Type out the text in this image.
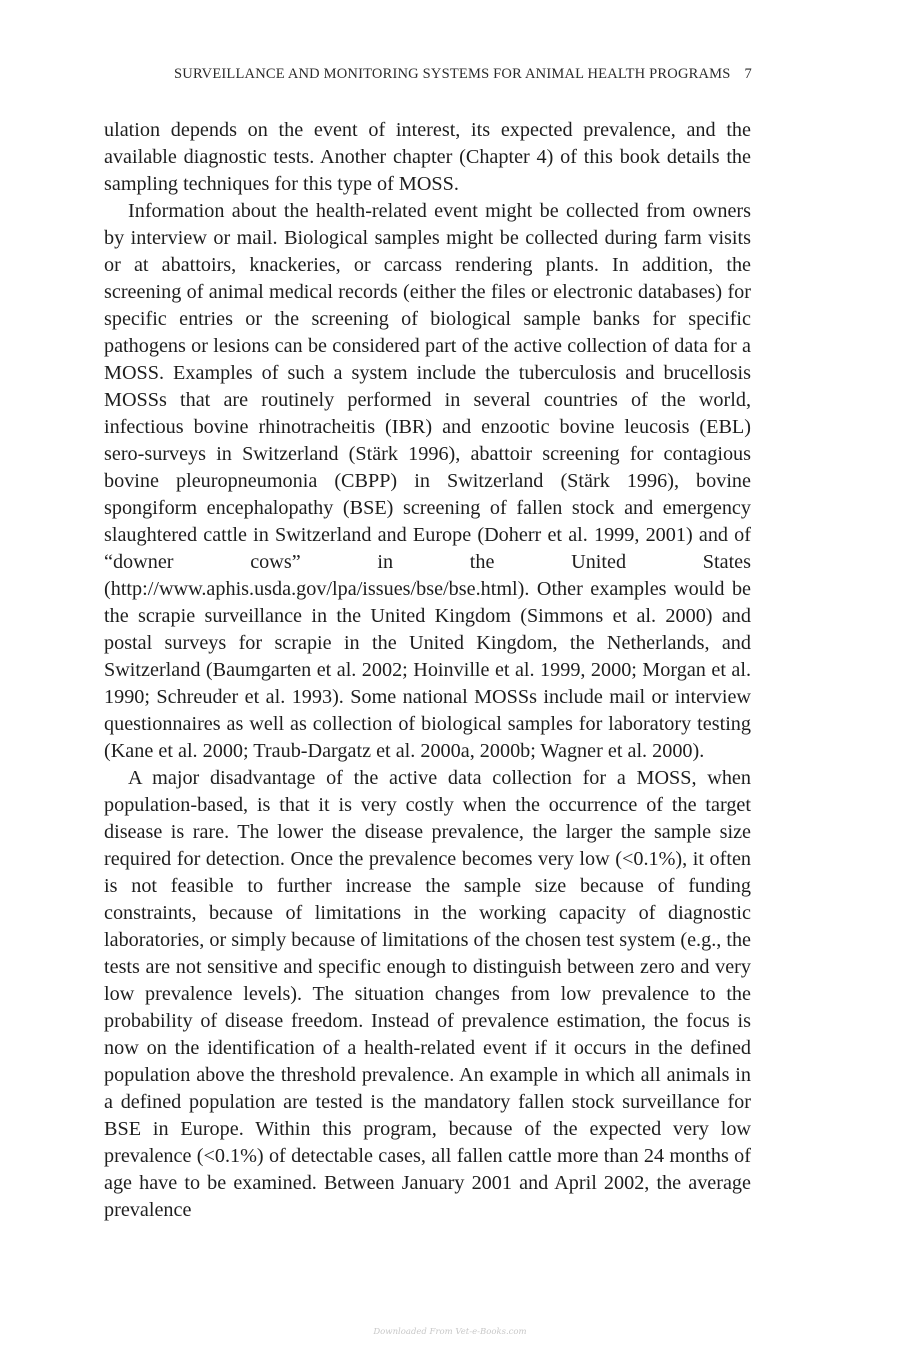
SURVEILLANCE AND MONITORING SYSTEMS FOR ANIMAL HEALTH PROGRAMS 7

ulation depends on the event of interest, its expected prevalence, and the available diagnostic tests. Another chapter (Chapter 4) of this book details the sampling techniques for this type of MOSS.

Information about the health-related event might be collected from owners by interview or mail. Biological samples might be collected during farm visits or at abattoirs, knackeries, or carcass rendering plants. In addition, the screening of animal medical records (either the files or electronic databases) for specific entries or the screening of biological sample banks for specific pathogens or lesions can be considered part of the active collection of data for a MOSS. Examples of such a system include the tuberculosis and brucellosis MOSSs that are routinely performed in several countries of the world, infectious bovine rhinotracheitis (IBR) and enzootic bovine leucosis (EBL) sero-surveys in Switzerland (Stärk 1996), abattoir screening for contagious bovine pleuropneumonia (CBPP) in Switzerland (Stärk 1996), bovine spongiform encephalopathy (BSE) screening of fallen stock and emergency slaughtered cattle in Switzerland and Europe (Doherr et al. 1999, 2001) and of “downer cows” in the United States (http://www.aphis.usda.gov/lpa/issues/bse/bse.html). Other examples would be the scrapie surveillance in the United Kingdom (Simmons et al. 2000) and postal surveys for scrapie in the United Kingdom, the Netherlands, and Switzerland (Baumgarten et al. 2002; Hoinville et al. 1999, 2000; Morgan et al. 1990; Schreuder et al. 1993). Some national MOSSs include mail or interview questionnaires as well as collection of biological samples for laboratory testing (Kane et al. 2000; Traub-Dargatz et al. 2000a, 2000b; Wagner et al. 2000).

A major disadvantage of the active data collection for a MOSS, when population-based, is that it is very costly when the occurrence of the target disease is rare. The lower the disease prevalence, the larger the sample size required for detection. Once the prevalence becomes very low (<0.1%), it often is not feasible to further increase the sample size because of funding constraints, because of limitations in the working capacity of diagnostic laboratories, or simply because of limitations of the chosen test system (e.g., the tests are not sensitive and specific enough to distinguish between zero and very low prevalence levels). The situation changes from low prevalence to the probability of disease freedom. Instead of prevalence estimation, the focus is now on the identification of a health-related event if it occurs in the defined population above the threshold prevalence. An example in which all animals in a defined population are tested is the mandatory fallen stock surveillance for BSE in Europe. Within this program, because of the expected very low prevalence (<0.1%) of detectable cases, all fallen cattle more than 24 months of age have to be examined. Between January 2001 and April 2002, the average prevalence

Downloaded From Vet-e-Books.com
